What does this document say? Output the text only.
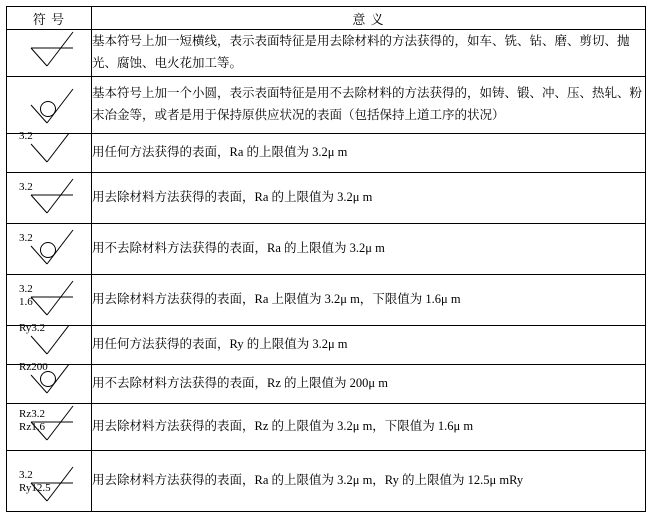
符 号	意 义

	基本符号上加一短横线，表示表面特征是用去除材料的方法获得的，如车、铣、钻、磨、剪切、抛光、腐蚀、电火花加工等。

	基本符号上加一个小圆，表示表面特征是用不去除材料的方法获得的，如铸、锻、冲、压、热轧、粉末冶金等，或者是用于保持原供应状况的表面（包括保持上道工序的状况）

3.2	用任何方法获得的表面，Ra 的上限值为 3.2μ m

3.2	用去除材料方法获得的表面，Ra 的上限值为 3.2μ m

3.2	用不去除材料方法获得的表面，Ra 的上限值为 3.2μ m

3.2
1.6	用去除材料方法获得的表面，Ra 上限值为 3.2μ m，下限值为 1.6μ m

Ry3.2	用任何方法获得的表面，Ry 的上限值为 3.2μ m

Rz200	用不去除材料方法获得的表面，Rz 的上限值为 200μ m

Rz3.2
Rz1.6	用去除材料方法获得的表面，Rz 的上限值为 3.2μ m，下限值为 1.6μ m

3.2
Ry12.5	用去除材料方法获得的表面，Ra 的上限值为 3.2μ m，Ry 的上限值为 12.5μ mRy
